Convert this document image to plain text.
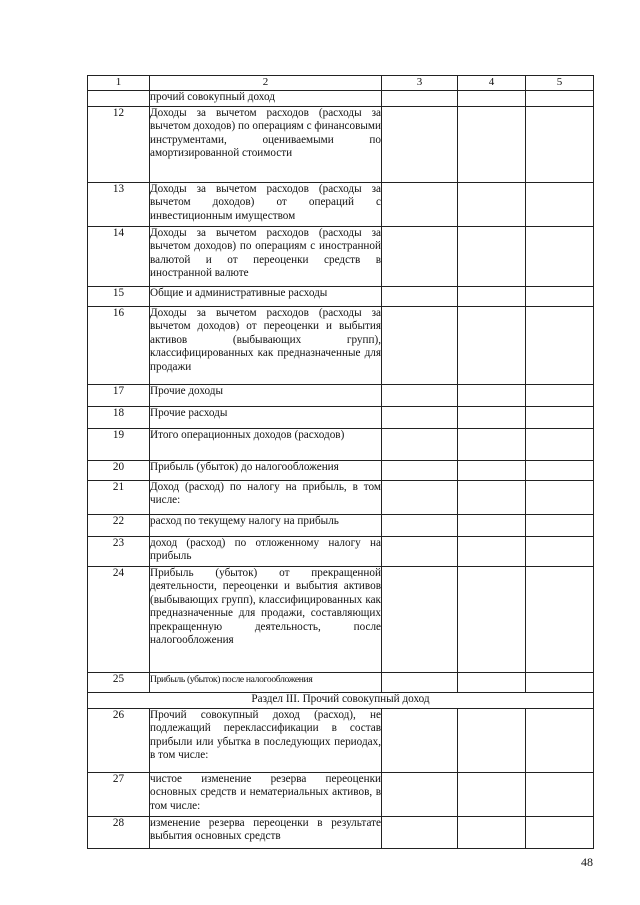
1	2	3	4	5
	прочий совокупный доход			
12	Доходы за вычетом расходов (расходы за вычетом доходов) по операциям с финансовыми инструментами, оцениваемыми по амортизированной стоимости			
13	Доходы за вычетом расходов (расходы за вычетом доходов) от операций с инвестиционным имуществом			
14	Доходы за вычетом расходов (расходы за вычетом доходов) по операциям с иностранной валютой и от переоценки средств в иностранной валюте			
15	Общие и административные расходы			
16	Доходы за вычетом расходов (расходы за вычетом доходов) от переоценки и выбытия активов (выбывающих групп), классифицированных как предназначенные для продажи			
17	Прочие доходы			
18	Прочие расходы			
19	Итого операционных доходов (расходов)			
20	Прибыль (убыток) до налогообложения			
21	Доход (расход) по налогу на прибыль, в том числе:			
22	расход по текущему налогу на прибыль			
23	доход (расход) по отложенному налогу на прибыль			
24	Прибыль (убыток) от прекращенной деятельности, переоценки и выбытия активов (выбывающих групп), классифицированных как предназначенные для продажи, составляющих прекращенную деятельность, после налогообложения			
25	Прибыль (убыток) после налогообложения			
Раздел III. Прочий совокупный доход				
26	Прочий совокупный доход (расход), не подлежащий переклассификации в состав прибыли или убытка в последующих периодах, в том числе:			
27	чистое изменение резерва переоценки основных средств и нематериальных активов, в том числе:			
28	изменение резерва переоценки в результате выбытия основных средств			
48
